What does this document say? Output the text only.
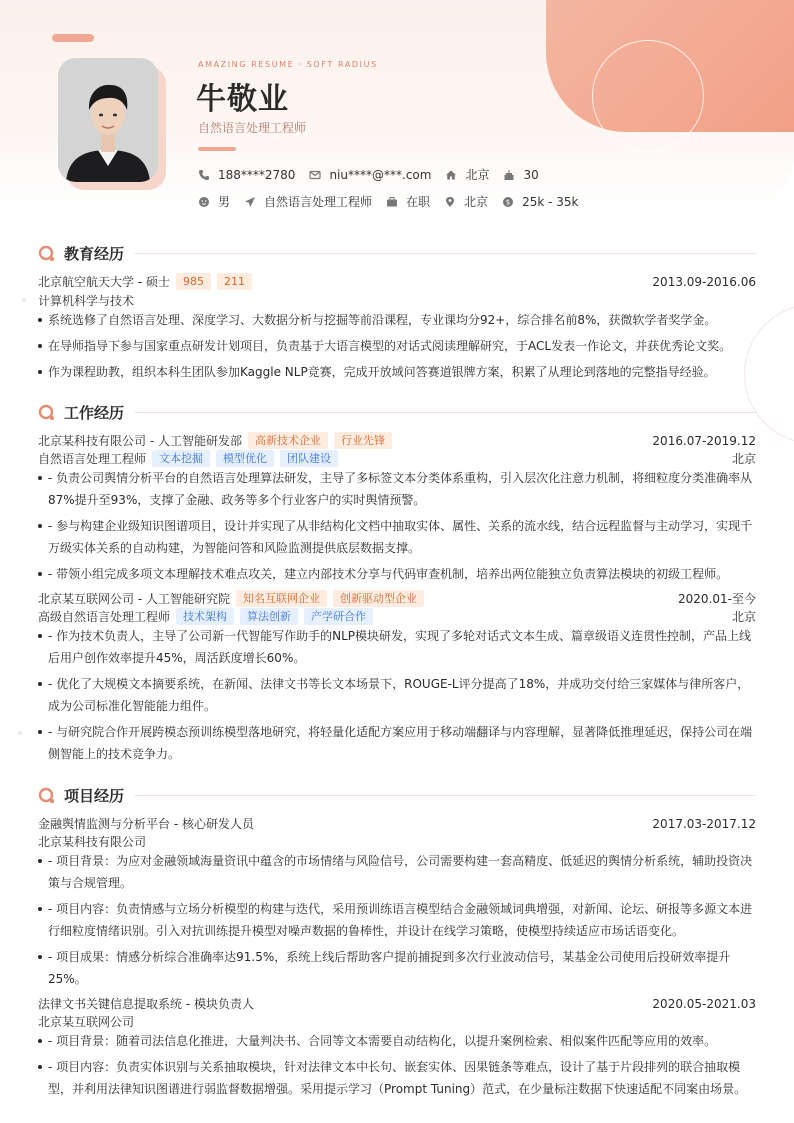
AMAZING RESUME · SOFT RADIUS
牛敬业
自然语言处理工程师
188****2780	niu****@***.com	北京	30
男	自然语言处理工程师	在职	北京	$ 25k - 35k
教育经历
北京航空航天大学 - 硕士	985	211	2013.09-2016.06
计算机科学与技术
系统选修了自然语言处理、深度学习、大数据分析与挖掘等前沿课程，专业课均分92+，综合排名前8%，获微软学者奖学金。
在导师指导下参与国家重点研发计划项目，负责基于大语言模型的对话式阅读理解研究，于ACL发表一作论文，并获优秀论文奖。
作为课程助教，组织本科生团队参加Kaggle NLP竞赛，完成开放域问答赛道银牌方案，积累了从理论到落地的完整指导经验。
工作经历
北京某科技有限公司 - 人工智能研发部	高新技术企业	行业先锋	2016.07-2019.12
自然语言处理工程师	文本挖掘	模型优化	团队建设	北京
- 负责公司舆情分析平台的自然语言处理算法研发，主导了多标签文本分类体系重构，引入层次化注意力机制，将细粒度分类准确率从87%提升至93%，支撑了金融、政务等多个行业客户的实时舆情预警。
- 参与构建企业级知识图谱项目，设计并实现了从非结构化文档中抽取实体、属性、关系的流水线，结合远程监督与主动学习，实现千万级实体关系的自动构建，为智能问答和风险监测提供底层数据支撑。
- 带领小组完成多项文本理解技术难点攻关，建立内部技术分享与代码审查机制，培养出两位能独立负责算法模块的初级工程师。
北京某互联网公司 - 人工智能研究院	知名互联网企业	创新驱动型企业	2020.01-至今
高级自然语言处理工程师	技术架构	算法创新	产学研合作	北京
- 作为技术负责人，主导了公司新一代智能写作助手的NLP模块研发，实现了多轮对话式文本生成、篇章级语义连贯性控制，产品上线后用户创作效率提升45%，周活跃度增长60%。
- 优化了大规模文本摘要系统，在新闻、法律文书等长文本场景下，ROUGE-L评分提高了18%，并成功交付给三家媒体与律所客户，成为公司标准化智能能力组件。
- 与研究院合作开展跨模态预训练模型落地研究，将轻量化适配方案应用于移动端翻译与内容理解，显著降低推理延迟，保持公司在端侧智能上的技术竞争力。
项目经历
金融舆情监测与分析平台 - 核心研发人员	2017.03-2017.12
北京某科技有限公司
- 项目背景：为应对金融领域海量资讯中蕴含的市场情绪与风险信号，公司需要构建一套高精度、低延迟的舆情分析系统，辅助投资决策与合规管理。
- 项目内容：负责情感与立场分析模型的构建与迭代，采用预训练语言模型结合金融领域词典增强，对新闻、论坛、研报等多源文本进行细粒度情绪识别。引入对抗训练提升模型对噪声数据的鲁棒性，并设计在线学习策略，使模型持续适应市场话语变化。
- 项目成果：情感分析综合准确率达91.5%，系统上线后帮助客户提前捕捉到多次行业波动信号，某基金公司使用后投研效率提升25%。
法律文书关键信息提取系统 - 模块负责人	2020.05-2021.03
北京某互联网公司
- 项目背景：随着司法信息化推进，大量判决书、合同等文本需要自动结构化，以提升案例检索、相似案件匹配等应用的效率。
- 项目内容：负责实体识别与关系抽取模块，针对法律文本中长句、嵌套实体、因果链条等难点，设计了基于片段排列的联合抽取模型，并利用法律知识图谱进行弱监督数据增强。采用提示学习（Prompt Tuning）范式，在少量标注数据下快速适配不同案由场景。
